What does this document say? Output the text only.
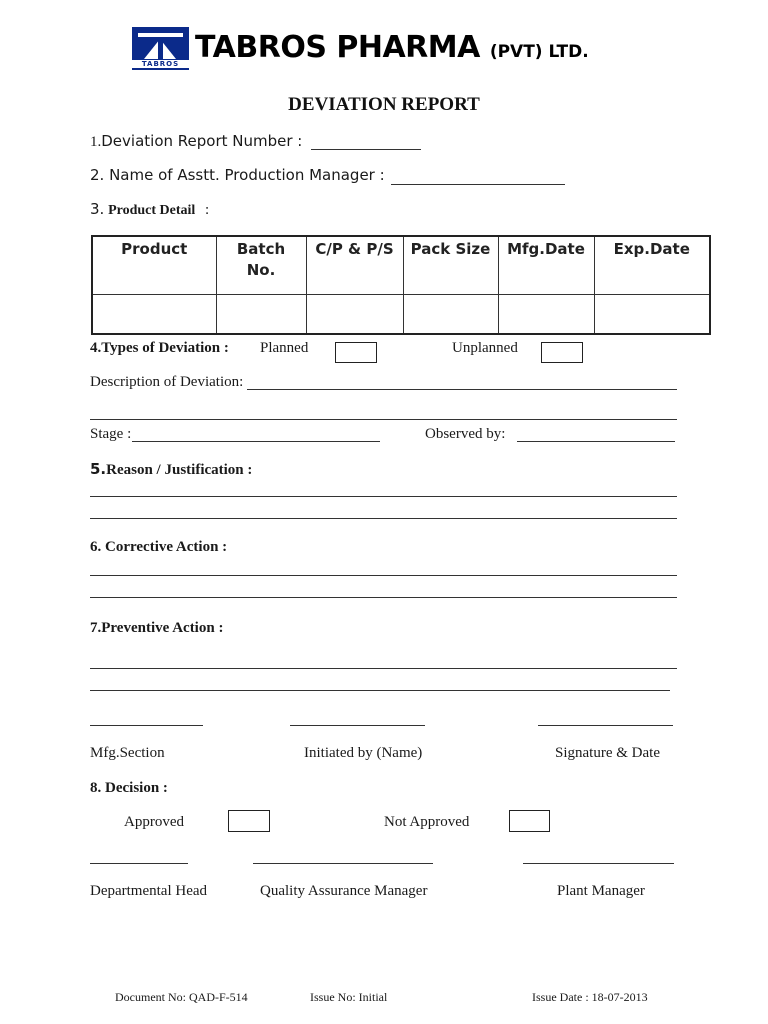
TABROS TABROS PHARMA (PVT) LTD.
DEVIATION REPORT
1.Deviation Report Number :
2. Name of Asstt. Production Manager :
3. Product Detail :
Product	Batch No.	C/P & P/S	Pack Size	Mfg.Date	Exp.Date

4.Types of Deviation : Planned	Unplanned
Description of Deviation:
Stage :	Observed by:
5.Reason / Justification :
6. Corrective Action :
7.Preventive Action :
Mfg.Section	Initiated by (Name)	Signature & Date
8. Decision :
Approved	Not Approved
Departmental Head	Quality Assurance Manager	Plant Manager
Document No: QAD-F-514	Issue No: Initial	Issue Date : 18-07-2013
